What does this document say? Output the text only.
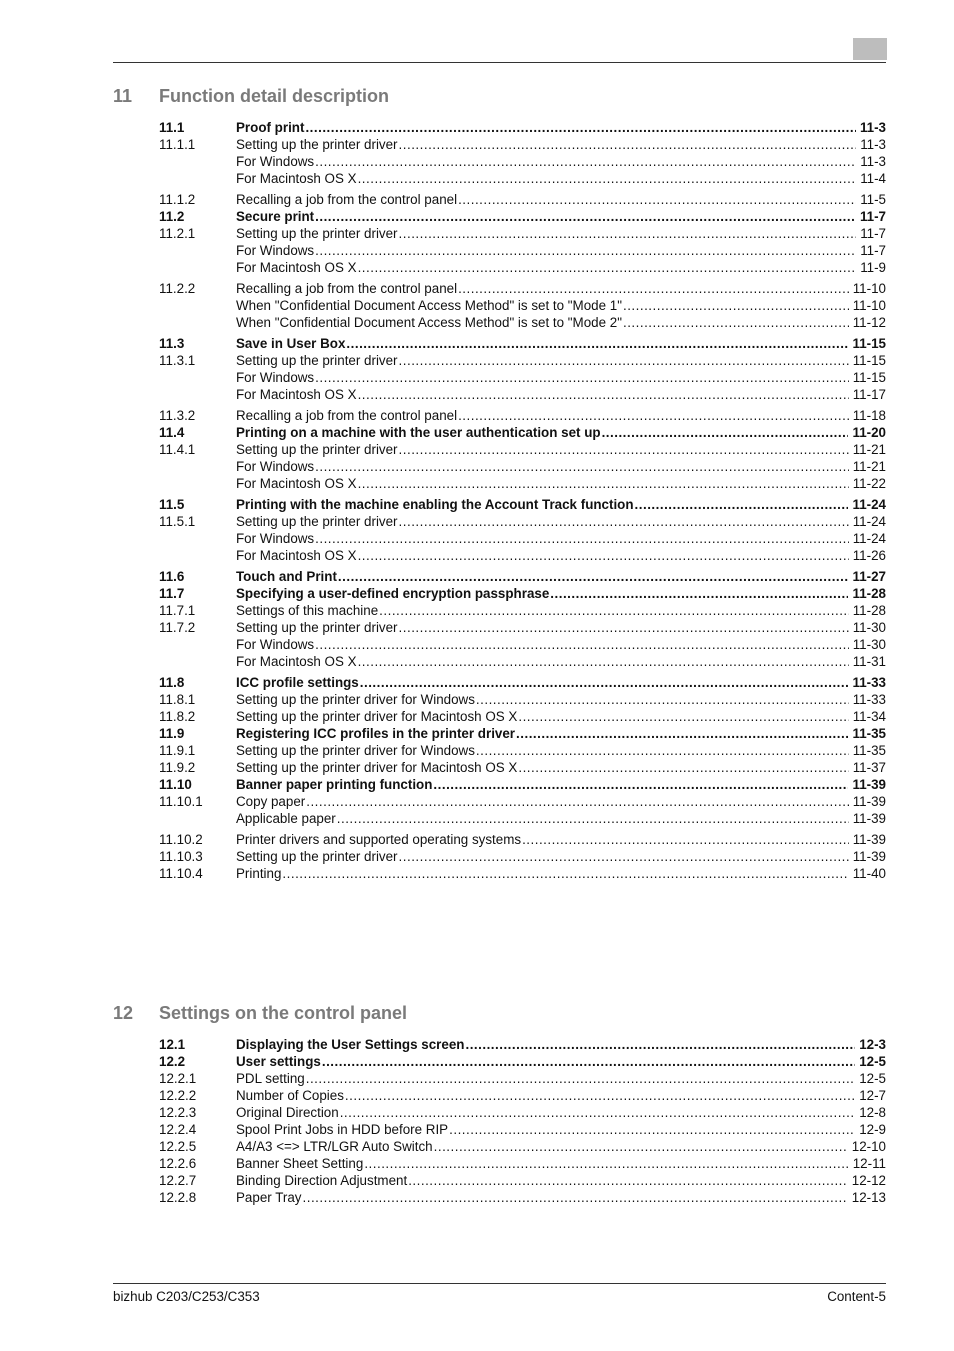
11 Function detail description
11.1	Proof print .....	11-3
11.1.1	Setting up the printer driver .....	11-3
For Windows .....	11-3
For Macintosh OS X .....	11-4
11.1.2	Recalling a job from the control panel .....	11-5
11.2	Secure print .....	11-7
11.2.1	Setting up the printer driver .....	11-7
For Windows .....	11-7
For Macintosh OS X .....	11-9
11.2.2	Recalling a job from the control panel .....	11-10
When "Confidential Document Access Method" is set to "Mode 1" .....	11-10
When "Confidential Document Access Method" is set to "Mode 2" .....	11-12
11.3	Save in User Box .....	11-15
11.3.1	Setting up the printer driver .....	11-15
For Windows .....	11-15
For Macintosh OS X .....	11-17
11.3.2	Recalling a job from the control panel .....	11-18
11.4	Printing on a machine with the user authentication set up .....	11-20
11.4.1	Setting up the printer driver .....	11-21
For Windows .....	11-21
For Macintosh OS X .....	11-22
11.5	Printing with the machine enabling the Account Track function .....	11-24
11.5.1	Setting up the printer driver .....	11-24
For Windows .....	11-24
For Macintosh OS X .....	11-26
11.6	Touch and Print .....	11-27
11.7	Specifying a user-defined encryption passphrase .....	11-28
11.7.1	Settings of this machine .....	11-28
11.7.2	Setting up the printer driver .....	11-30
For Windows .....	11-30
For Macintosh OS X .....	11-31
11.8	ICC profile settings .....	11-33
11.8.1	Setting up the printer driver for Windows .....	11-33
11.8.2	Setting up the printer driver for Macintosh OS X .....	11-34
11.9	Registering ICC profiles in the printer driver .....	11-35
11.9.1	Setting up the printer driver for Windows .....	11-35
11.9.2	Setting up the printer driver for Macintosh OS X .....	11-37
11.10	Banner paper printing function .....	11-39
11.10.1	Copy paper .....	11-39
Applicable paper .....	11-39
11.10.2	Printer drivers and supported operating systems .....	11-39
11.10.3	Setting up the printer driver .....	11-39
11.10.4	Printing .....	11-40
12 Settings on the control panel
12.1	Displaying the User Settings screen .....	12-3
12.2	User settings .....	12-5
12.2.1	PDL setting .....	12-5
12.2.2	Number of Copies .....	12-7
12.2.3	Original Direction .....	12-8
12.2.4	Spool Print Jobs in HDD before RIP .....	12-9
12.2.5	A4/A3 <=> LTR/LGR Auto Switch .....	12-10
12.2.6	Banner Sheet Setting .....	12-11
12.2.7	Binding Direction Adjustment .....	12-12
12.2.8	Paper Tray .....	12-13
bizhub C203/C253/C353	Content-5
